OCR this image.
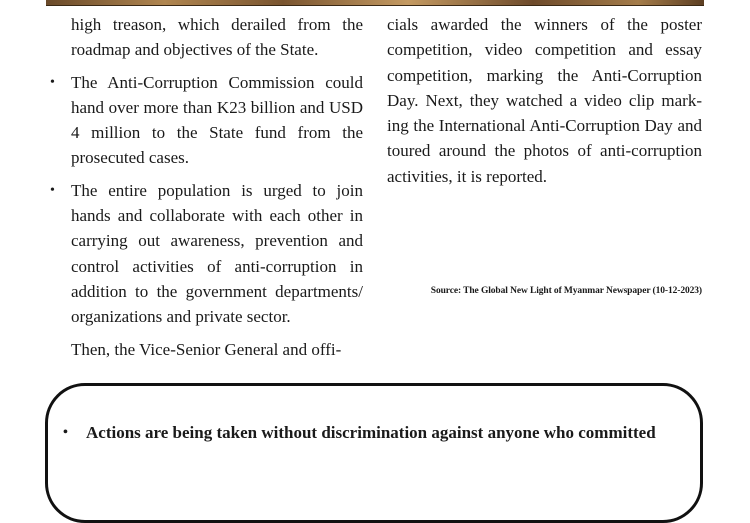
high treason, which derailed from the roadmap and objectives of the State.

• The Anti-Corruption Commission could hand over more than K23 billion and USD 4 million to the State fund from the prosecuted cases.
• The entire population is urged to join hands and collaborate with each other in carrying out awareness, prevention and control activities of anti-corruption in addition to the government departments/ organizations and private sector.

Then, the Vice-Senior General and offi-

cials awarded the winners of the poster competition, video competition and essay competition, marking the Anti-Corruption Day. Next, they watched a video clip mark-ing the International Anti-Corruption Day and toured around the photos of anti-corruption activities, it is reported.

Source: The Global New Light of Myanmar Newspaper (10-12-2023)
• Actions are being taken without discrimination against anyone who committed
